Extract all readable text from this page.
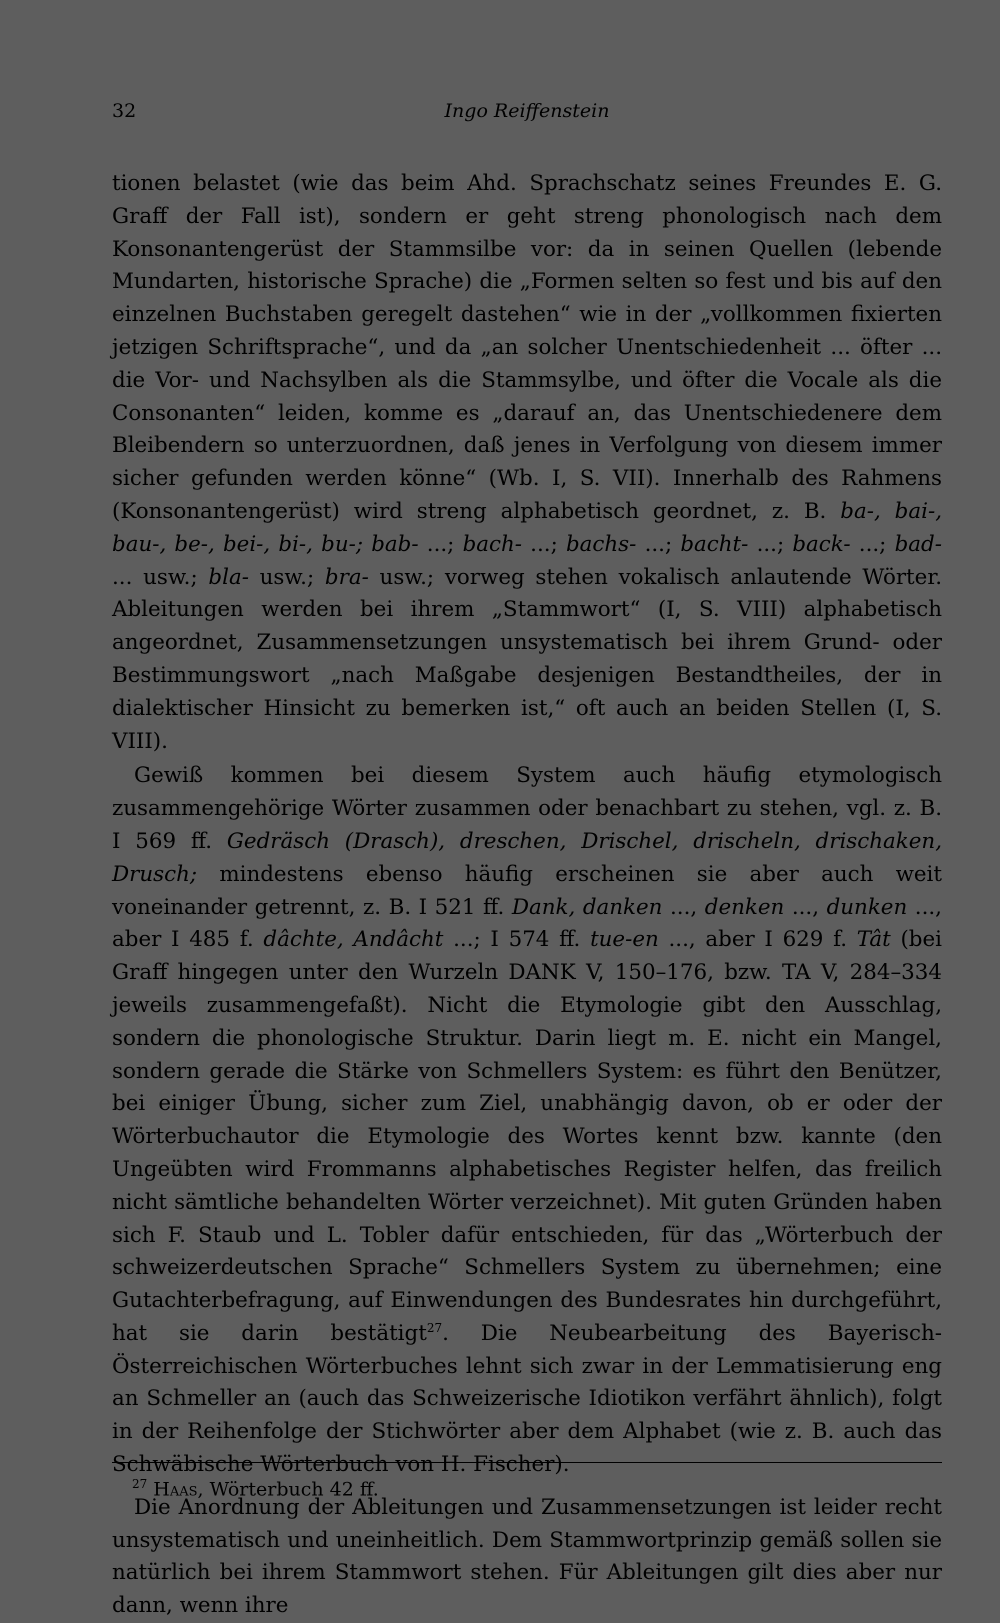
32	Ingo Reiffenstein

tionen belastet (wie das beim Ahd. Sprachschatz seines Freundes E. G. Graff der Fall ist), sondern er geht streng phonologisch nach dem Konsonantengerüst der Stammsilbe vor: da in seinen Quellen (lebende Mundarten, historische Sprache) die „Formen selten so fest und bis auf den einzelnen Buchstaben geregelt dastehen“ wie in der „vollkommen fixierten jetzigen Schriftsprache“, und da „an solcher Unentschiedenheit ... öfter ... die Vor- und Nachsylben als die Stammsylbe, und öfter die Vocale als die Consonanten“ leiden, komme es „darauf an, das Unentschiedenere dem Bleibendern so unterzuordnen, daß jenes in Verfolgung von diesem immer sicher gefunden werden könne“ (Wb. I, S. VII). Innerhalb des Rahmens (Konsonantengerüst) wird streng alphabetisch geordnet, z. B. ba-, bai-, bau-, be-, bei-, bi-, bu-; bab- ...; bach- ...; bachs- ...; bacht- ...; back- ...; bad- ... usw.; bla- usw.; bra- usw.; vorweg stehen vokalisch anlautende Wörter. Ableitungen werden bei ihrem „Stammwort“ (I, S. VIII) alphabetisch angeordnet, Zusammensetzungen unsystematisch bei ihrem Grund- oder Bestimmungswort „nach Maßgabe desjenigen Bestandtheiles, der in dialektischer Hinsicht zu bemerken ist,“ oft auch an beiden Stellen (I, S. VIII).

Gewiß kommen bei diesem System auch häufig etymologisch zusammengehörige Wörter zusammen oder benachbart zu stehen, vgl. z. B. I 569 ff. Gedräsch (Drasch), dreschen, Drischel, drischeln, drischaken, Drusch; mindestens ebenso häufig erscheinen sie aber auch weit voneinander getrennt, z. B. I 521 ff. Dank, danken ..., denken ..., dunken ..., aber I 485 f. dâchte, Andâcht ...; I 574 ff. tue-en ..., aber I 629 f. Tât (bei Graff hingegen unter den Wurzeln DANK V, 150–176, bzw. TA V, 284–334 jeweils zusammengefaßt). Nicht die Etymologie gibt den Ausschlag, sondern die phonologische Struktur. Darin liegt m. E. nicht ein Mangel, sondern gerade die Stärke von Schmellers System: es führt den Benützer, bei einiger Übung, sicher zum Ziel, unabhängig davon, ob er oder der Wörterbuchautor die Etymologie des Wortes kennt bzw. kannte (den Ungeübten wird Frommanns alphabetisches Register helfen, das freilich nicht sämtliche behandelten Wörter verzeichnet). Mit guten Gründen haben sich F. Staub und L. Tobler dafür entschieden, für das „Wörterbuch der schweizerdeutschen Sprache“ Schmellers System zu übernehmen; eine Gutachterbefragung, auf Einwendungen des Bundesrates hin durchgeführt, hat sie darin bestätigt$^{27}$. Die Neubearbeitung des Bayerisch-Österreichischen Wörterbuches lehnt sich zwar in der Lemmatisierung eng an Schmeller an (auch das Schweizerische Idiotikon verfährt ähnlich), folgt in der Reihenfolge der Stichwörter aber dem Alphabet (wie z. B. auch das Schwäbische Wörterbuch von H. Fischer).

Die Anordnung der Ableitungen und Zusammensetzungen ist leider recht unsystematisch und uneinheitlich. Dem Stammwortprinzip gemäß sollen sie natürlich bei ihrem Stammwort stehen. Für Ableitungen gilt dies aber nur dann, wenn ihre

$^{27}$ Haas, Wörterbuch 42 ff.
